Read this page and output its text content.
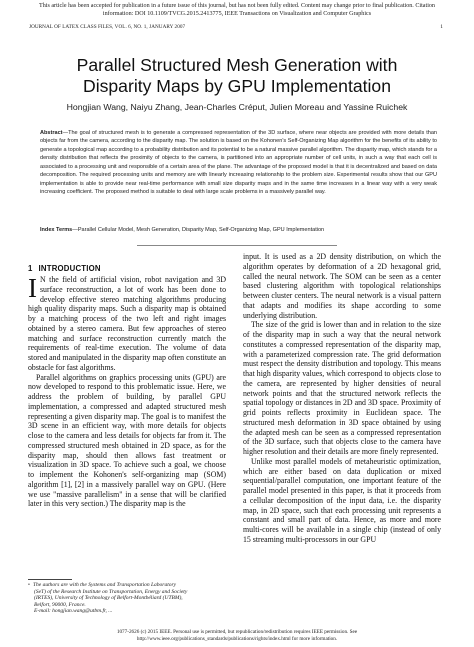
This article has been accepted for publication in a future issue of this journal, but has not been fully edited. Content may change prior to final publication. Citation
information: DOI 10.1109/TVCG.2015.2413775, IEEE Transactions on Visualization and Computer Graphics
JOURNAL OF LATEX CLASS FILES, VOL. 6, NO. 1, JANUARY 2007	1
Parallel Structured Mesh Generation with
Disparity Maps by GPU Implementation
Hongjian Wang, Naiyu Zhang, Jean-Charles Créput, Julien Moreau and Yassine Ruichek
Abstract—The goal of structured mesh is to generate a compressed representation of the 3D surface, where near objects are provided with more details than objects far from the camera, according to the disparity map. The solution is based on the Kohonen's Self-Organizing Map algorithm for the benefits of its ability to generate a topological map according to a probability distribution and its potential to be a natural massive parallel algorithm. The disparity map, which stands for a density distribution that reflects the proximity of objects to the camera, is partitioned into an appropriate number of cell units, in such a way that each cell is associated to a processing unit and responsible of a certain area of the plane. The advantage of the proposed model is that it is decentralized and based on data decomposition. The required processing units and memory are with linearly increasing relationship to the problem size. Experimental results show that our GPU implementation is able to provide near real-time performance with small size disparity maps and in the same time increases in a linear way with a very weak increasing coefficient. The proposed method is suitable to deal with large scale problems in a massively parallel way.
Index Terms—Parallel Cellular Model, Mesh Generation, Disparity Map, Self-Organizing Map, GPU Implementation
1 INTRODUCTION

I N the field of artificial vision, robot navigation and 3D surface reconstruction, a lot of work has been done to develop effective stereo matching algorithms producing high quality disparity maps. Such a disparity map is obtained by a matching process of the two left and right images obtained by a stereo camera. But few approaches of stereo matching and surface reconstruction currently match the requirements of real-time execution. The volume of data stored and manipulated in the disparity map often constitute an obstacle for fast algorithms.

Parallel algorithms on graphics processing units (GPU) are now developed to respond to this problematic issue. Here, we address the problem of building, by parallel GPU implementation, a compressed and adapted structured mesh representing a given disparity map. The goal is to manifest the 3D scene in an efficient way, with more details for objects close to the camera and less details for objects far from it. The compressed structured mesh obtained in 2D space, as for the disparity map, should then allows fast treatment or visualization in 3D space. To achieve such a goal, we choose to implement the Kohonen's self-organizing map (SOM) algorithm [1], [2] in a massively parallel way on GPU. (Here we use "massive parallelism" in a sense that will be clarified later in this very section.) The disparity map is the

input. It is used as a 2D density distribution, on which the algorithm operates by deformation of a 2D hexagonal grid, called the neural network. The SOM can be seen as a center based clustering algorithm with topological relationships between cluster centers. The neural network is a visual pattern that adapts and modifies its shape according to some underlying distribution.

The size of the grid is lower than and in relation to the size of the disparity map in such a way that the neural network constitutes a compressed representation of the disparity map, with a parameterized compression rate. The grid deformation must respect the density distribution and topology. This means that high disparity values, which correspond to objects close to the camera, are represented by higher densities of neural network points and that the structured network reflects the spatial topology or distances in 2D and 3D space. Proximity of grid points reflects proximity in Euclidean space. The structured mesh deformation in 3D space obtained by using the adapted mesh can be seen as a compressed representation of the 3D surface, such that objects close to the camera have higher resolution and their details are more finely represented.

Unlike most parallel models of metaheuristic optimization, which are either based on data duplication or mixed sequential/parallel computation, one important feature of the parallel model presented in this paper, is that it proceeds from a cellular decomposition of the input data, i.e. the disparity map, in 2D space, such that each processing unit represents a constant and small part of data. Hence, as more and more multi-cores will be available in a single chip (instead of only 15 streaming multi-processors in our GPU

• The authors are with the Systems and Transportation Laboratory
(SeT) of the Research Institute on Transportation, Energy and Society
(IRTES), University of Technology of Belfort-Montbéliard (UTBM),
Belfort, 90000, France.
E-mail: hongjian.wang@utbm.fr, ...
1077-2626 (c) 2015 IEEE. Personal use is permitted, but republication/redistribution requires IEEE permission. See
http://www.ieee.org/publications_standards/publications/rights/index.html for more information.
